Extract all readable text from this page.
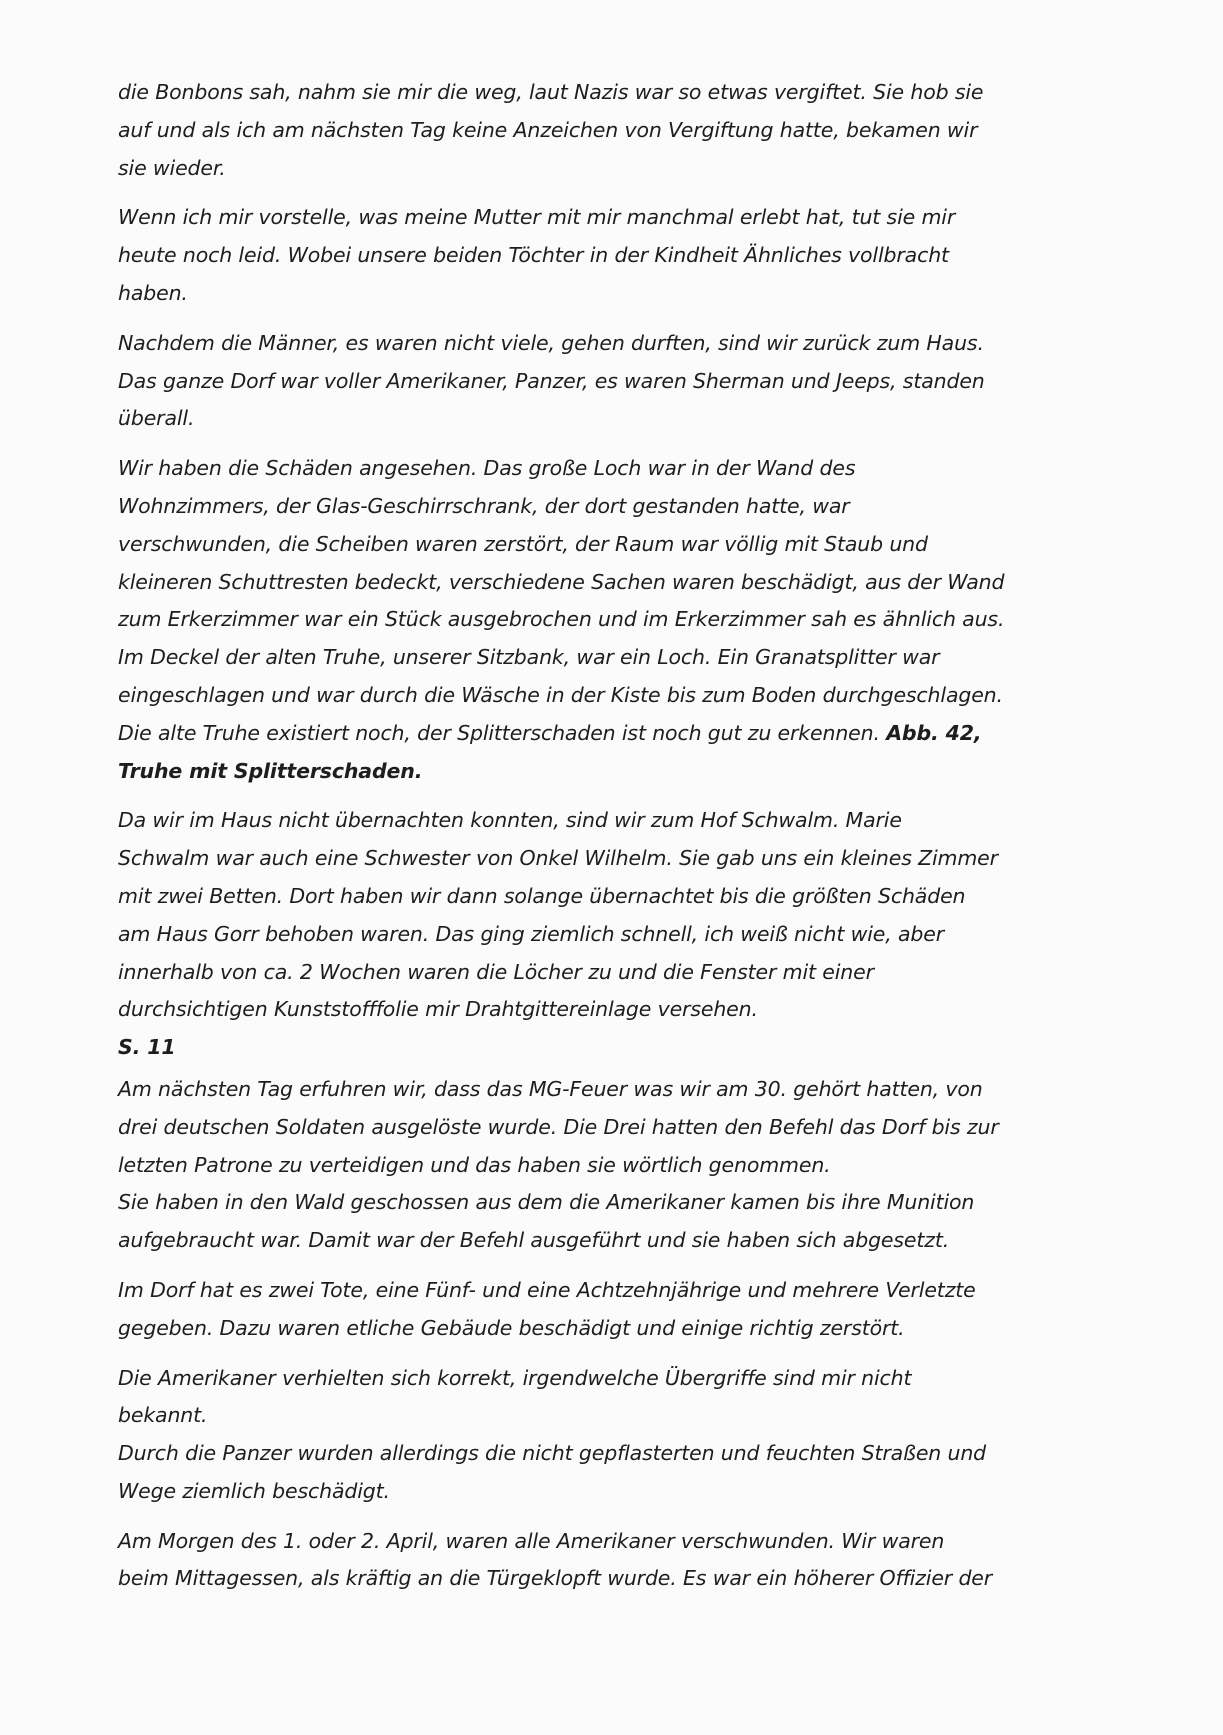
die Bonbons sah, nahm sie mir die weg, laut Nazis war so etwas vergiftet. Sie hob sie
auf und als ich am nächsten Tag keine Anzeichen von Vergiftung hatte, bekamen wir
sie wieder.
Wenn ich mir vorstelle, was meine Mutter mit mir manchmal erlebt hat, tut sie mir
heute noch leid. Wobei unsere beiden Töchter in der Kindheit Ähnliches vollbracht
haben.
Nachdem die Männer, es waren nicht viele, gehen durften, sind wir zurück zum Haus.
Das ganze Dorf war voller Amerikaner, Panzer, es waren Sherman und Jeeps, standen
überall.
Wir haben die Schäden angesehen. Das große Loch war in der Wand des
Wohnzimmers, der Glas-Geschirrschrank, der dort gestanden hatte, war
verschwunden, die Scheiben waren zerstört, der Raum war völlig mit Staub und
kleineren Schuttresten bedeckt, verschiedene Sachen waren beschädigt, aus der Wand
zum Erkerzimmer war ein Stück ausgebrochen und im Erkerzimmer sah es ähnlich aus.
Im Deckel der alten Truhe, unserer Sitzbank, war ein Loch. Ein Granatsplitter war
eingeschlagen und war durch die Wäsche in der Kiste bis zum Boden durchgeschlagen.
Die alte Truhe existiert noch, der Splitterschaden ist noch gut zu erkennen. Abb. 42,
Truhe mit Splitterschaden.
Da wir im Haus nicht übernachten konnten, sind wir zum Hof Schwalm. Marie
Schwalm war auch eine Schwester von Onkel Wilhelm. Sie gab uns ein kleines Zimmer
mit zwei Betten. Dort haben wir dann solange übernachtet bis die größten Schäden
am Haus Gorr behoben waren. Das ging ziemlich schnell, ich weiß nicht wie, aber
innerhalb von ca. 2 Wochen waren die Löcher zu und die Fenster mit einer
durchsichtigen Kunststofffolie mir Drahtgittereinlage versehen.
S. 11
Am nächsten Tag erfuhren wir, dass das MG-Feuer was wir am 30. gehört hatten, von
drei deutschen Soldaten ausgelöste wurde. Die Drei hatten den Befehl das Dorf bis zur
letzten Patrone zu verteidigen und das haben sie wörtlich genommen.
Sie haben in den Wald geschossen aus dem die Amerikaner kamen bis ihre Munition
aufgebraucht war. Damit war der Befehl ausgeführt und sie haben sich abgesetzt.
Im Dorf hat es zwei Tote, eine Fünf- und eine Achtzehnjährige und mehrere Verletzte
gegeben. Dazu waren etliche Gebäude beschädigt und einige richtig zerstört.
Die Amerikaner verhielten sich korrekt, irgendwelche Übergriffe sind mir nicht
bekannt.
Durch die Panzer wurden allerdings die nicht gepflasterten und feuchten Straßen und
Wege ziemlich beschädigt.
Am Morgen des 1. oder 2. April, waren alle Amerikaner verschwunden. Wir waren
beim Mittagessen, als kräftig an die Türgeklopft wurde. Es war ein höherer Offizier der
